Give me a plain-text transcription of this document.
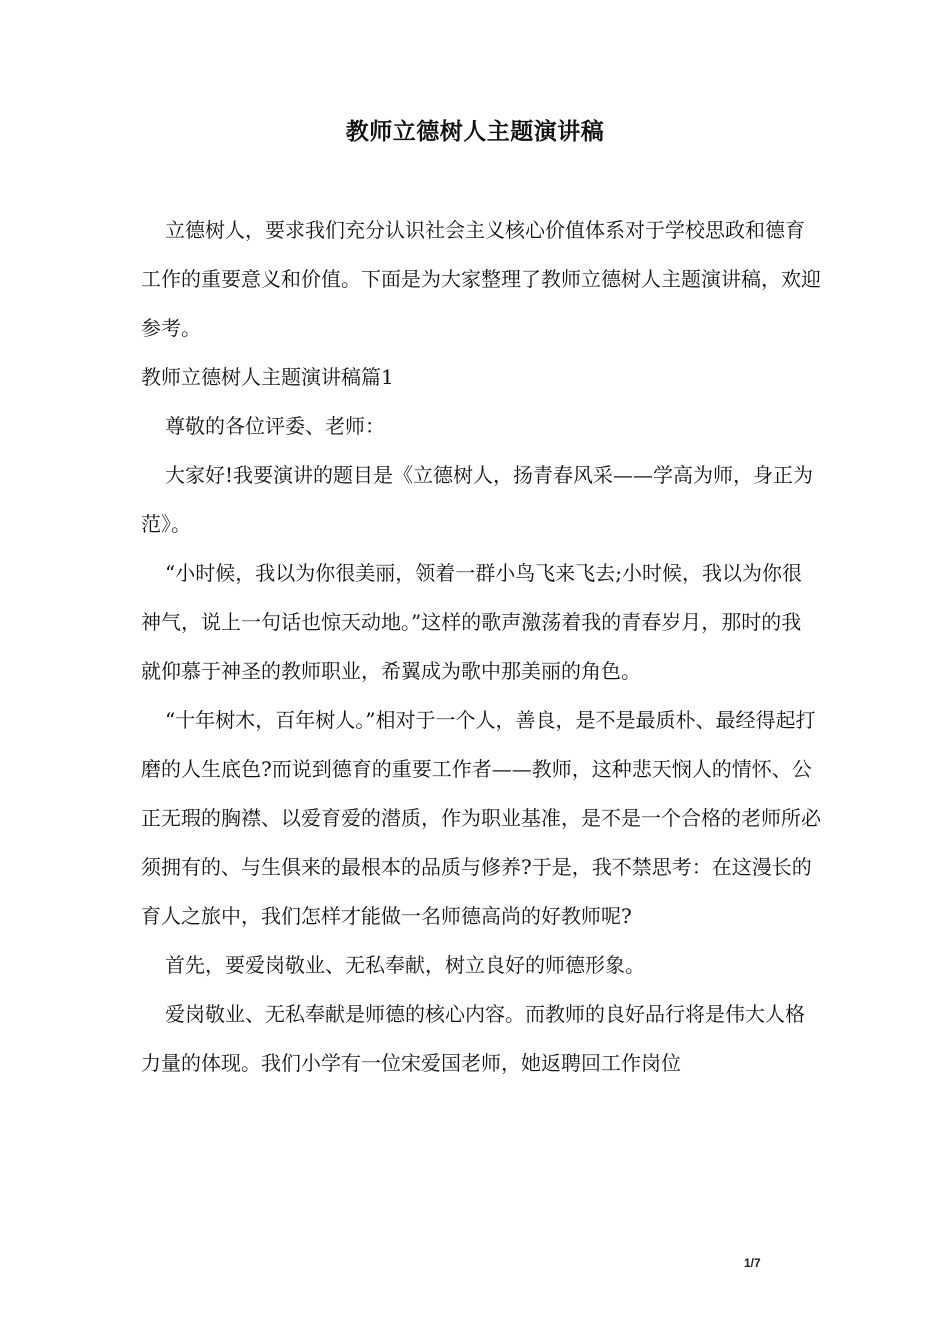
教师立德树人主题演讲稿

立德树人，要求我们充分认识社会主义核心价值体系对于学校思政和德育工作的重要意义和价值。下面是为大家整理了教师立德树人主题演讲稿，欢迎参考。

教师立德树人主题演讲稿篇1

尊敬的各位评委、老师：

大家好!我要演讲的题目是《立德树人，扬青春风采——学高为师，身正为范》。

“小时候，我以为你很美丽，领着一群小鸟飞来飞去;小时候，我以为你很神气，说上一句话也惊天动地。”这样的歌声激荡着我的青春岁月，那时的我就仰慕于神圣的教师职业，希翼成为歌中那美丽的角色。

“十年树木，百年树人。”相对于一个人，善良，是不是最质朴、最经得起打磨的人生底色?而说到德育的重要工作者——教师，这种悲天悯人的情怀、公正无瑕的胸襟、以爱育爱的潜质，作为职业基准，是不是一个合格的老师所必须拥有的、与生俱来的最根本的品质与修养?于是，我不禁思考：在这漫长的育人之旅中，我们怎样才能做一名师德高尚的好教师呢?

首先，要爱岗敬业、无私奉献，树立良好的师德形象。

爱岗敬业、无私奉献是师德的核心内容。而教师的良好品行将是伟大人格力量的体现。我们小学有一位宋爱国老师，她返聘回工作岗位

1/7
